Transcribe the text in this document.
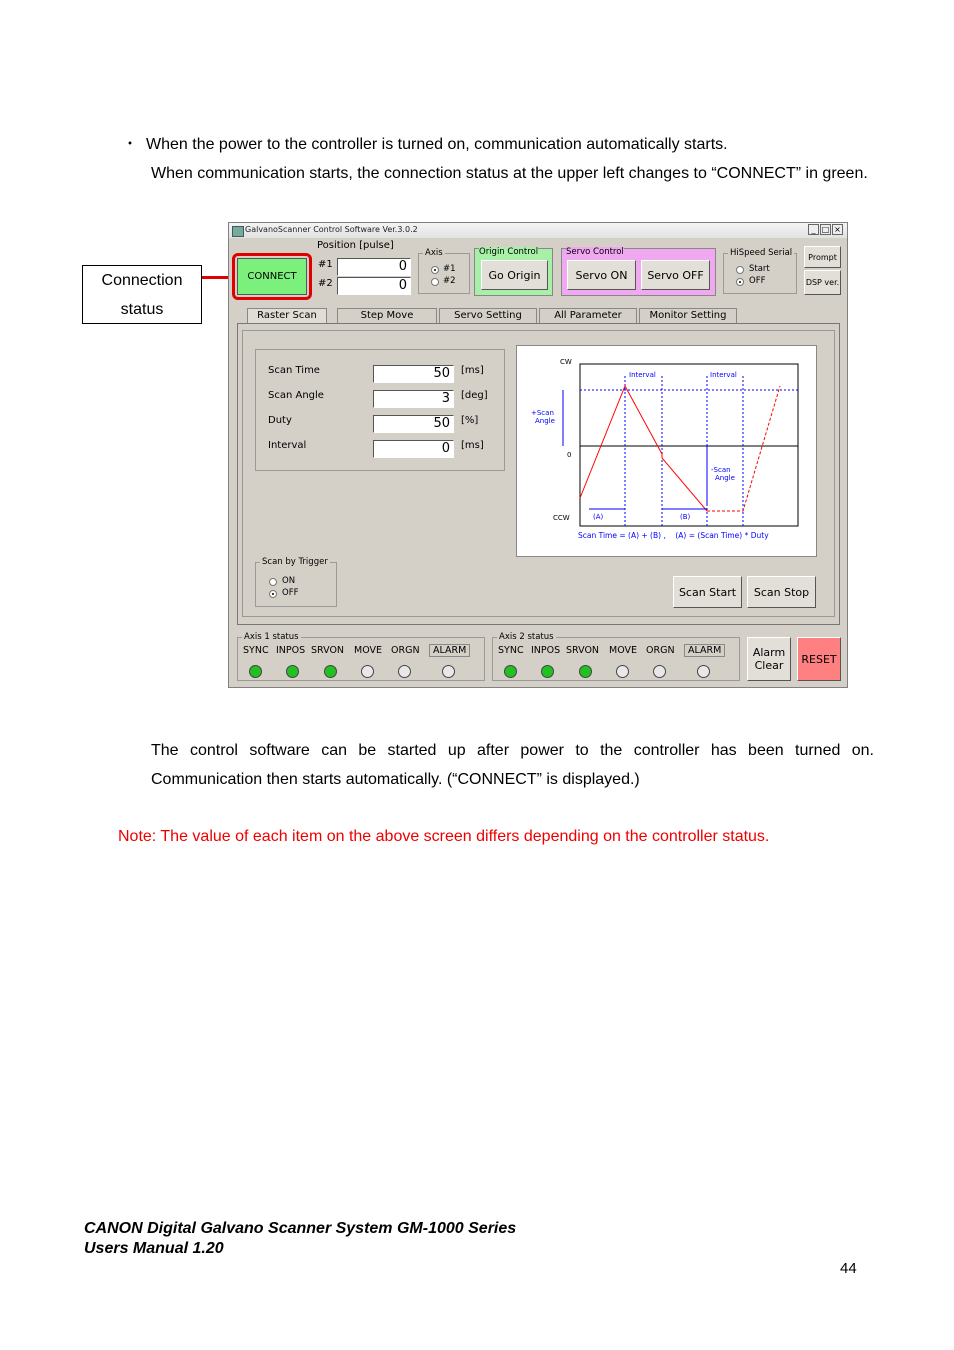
・ When the power to the controller is turned on, communication automatically starts.
When communication starts, the connection status at the upper left changes to “CONNECT” in green.
Connection status
GalvanoScanner Control Software Ver.3.0.2	_ □ ×
CONNECT
Position [pulse]
#1	0
#2	0
Axis
#1
#2
Origin Control
Go Origin
Servo Control
Servo ON	Servo OFF
HiSpeed Serial
Start
OFF
Prompt
DSP ver.
Raster Scan	Step Move	Servo Setting	All Parameter	Monitor Setting
Scan Time	50	[ms]
Scan Angle	3	[deg]
Duty	50	[%]
Interval	0	[ms]
CW
0
CCW
Interval	Interval
+Scan
Angle
-Scan
Angle
(A)	(B)
Scan Time = (A) + (B) ,    (A) = (Scan Time) * Duty
Scan by Trigger
ON
OFF	Scan Start	Scan Stop
Axis 1 status	Axis 2 status
Alarm Clear	RESET
SYNC INPOS SRVON MOVE ORGN	ALARM	SYNC INPOS SRVON MOVE ORGN	ALARM
The control software can be started up after power to the controller has been turned on. Communication then starts automatically. (“CONNECT” is displayed.)
Note: The value of each item on the above screen differs depending on the controller status.
CANON Digital Galvano Scanner System GM-1000 Series
Users Manual 1.20
44
